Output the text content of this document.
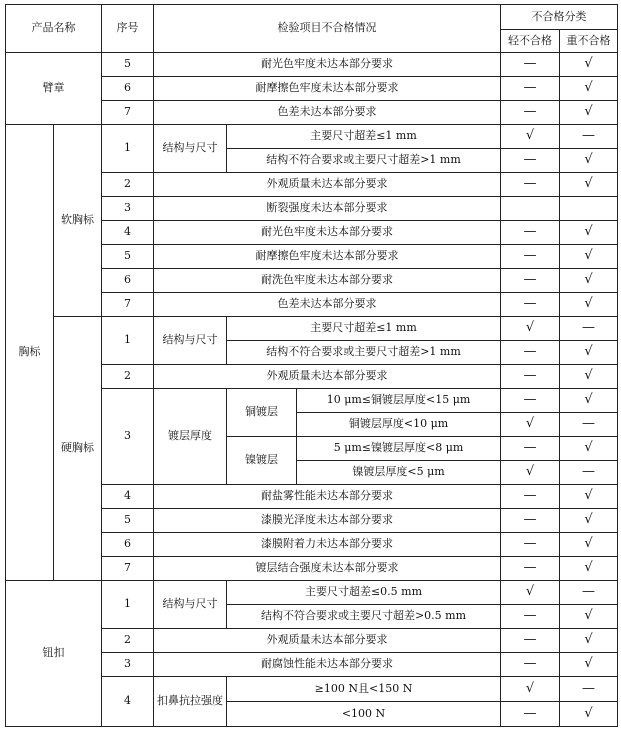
产品名称		序号	检验项目不合格情况			不合格分类	
						轻不合格	重不合格
臂章		5	耐光色牢度未达本部分要求			—	√
		6	耐摩擦色牢度未达本部分要求			—	√
		7	色差未达本部分要求			—	√
胸标	软胸标	1	结构与尺寸	主要尺寸超差≤1 mm		√	—
				结构不符合要求或主要尺寸超差>1 mm		—	√
		2	外观质量未达本部分要求			—	√
		3	断裂强度未达本部分要求				
		4	耐光色牢度未达本部分要求			—	√
		5	耐摩擦色牢度未达本部分要求			—	√
		6	耐洗色牢度未达本部分要求			—	√
		7	色差未达本部分要求			—	√
	硬胸标	1	结构与尺寸	主要尺寸超差≤1 mm		√	—
				结构不符合要求或主要尺寸超差>1 mm		—	√
		2	外观质量未达本部分要求			—	√
		3	镀层厚度	铜镀层	10 μm≤铜镀层厚度<15 μm	—	√
					铜镀层厚度<10 μm	√	—
				镍镀层	5 μm≤镍镀层厚度<8 μm	—	√
					镍镀层厚度<5 μm	√	—
		4	耐盐雾性能未达本部分要求			—	√
		5	漆膜光泽度未达本部分要求			—	√
		6	漆膜附着力未达本部分要求			—	√
		7	镀层结合强度未达本部分要求			—	√
钮扣		1	结构与尺寸	主要尺寸超差≤0.5 mm		√	—
				结构不符合要求或主要尺寸超差>0.5 mm		—	√
		2	外观质量未达本部分要求			—	√
		3	耐腐蚀性能未达本部分要求			—	√
		4	扣鼻抗拉强度	≥100 N且<150 N		√	—
				<100 N		—	√
